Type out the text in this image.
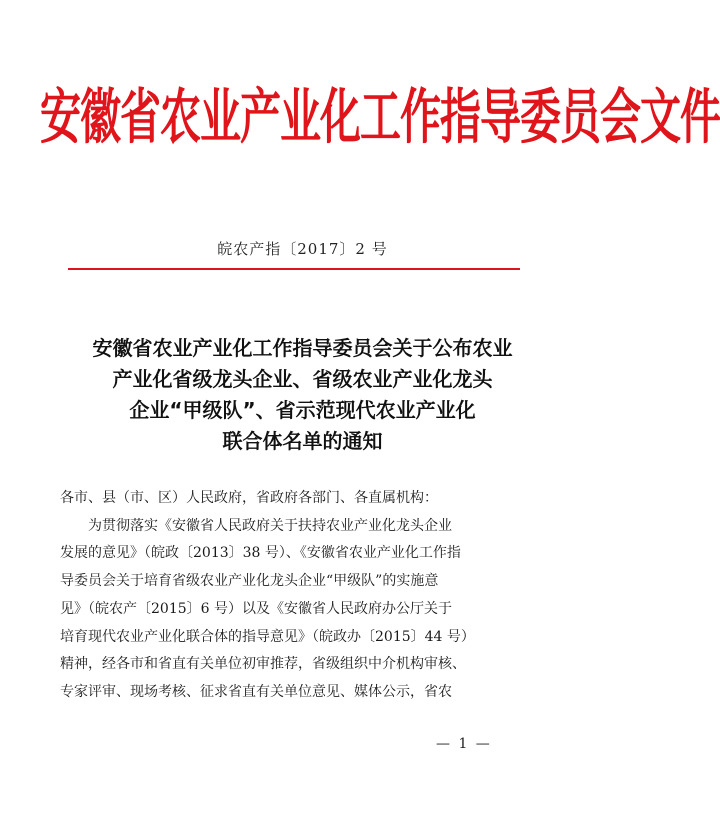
安徽省农业产业化工作指导委员会文件
皖农产指〔2017〕2 号
安徽省农业产业化工作指导委员会关于公布农业
产业化省级龙头企业、省级农业产业化龙头
企业“甲级队”、省示范现代农业产业化
联合体名单的通知
各市、县（市、区）人民政府，省政府各部门、各直属机构：
为贯彻落实《安徽省人民政府关于扶持农业产业化龙头企业
发展的意见》（皖政〔2013〕38 号）、《安徽省农业产业化工作指
导委员会关于培育省级农业产业化龙头企业“甲级队”的实施意
见》（皖农产〔2015〕6 号）以及《安徽省人民政府办公厅关于
培育现代农业产业化联合体的指导意见》（皖政办〔2015〕44 号）
精神，经各市和省直有关单位初审推荐，省级组织中介机构审核、
专家评审、现场考核、征求省直有关单位意见、媒体公示，省农
— 1 —
